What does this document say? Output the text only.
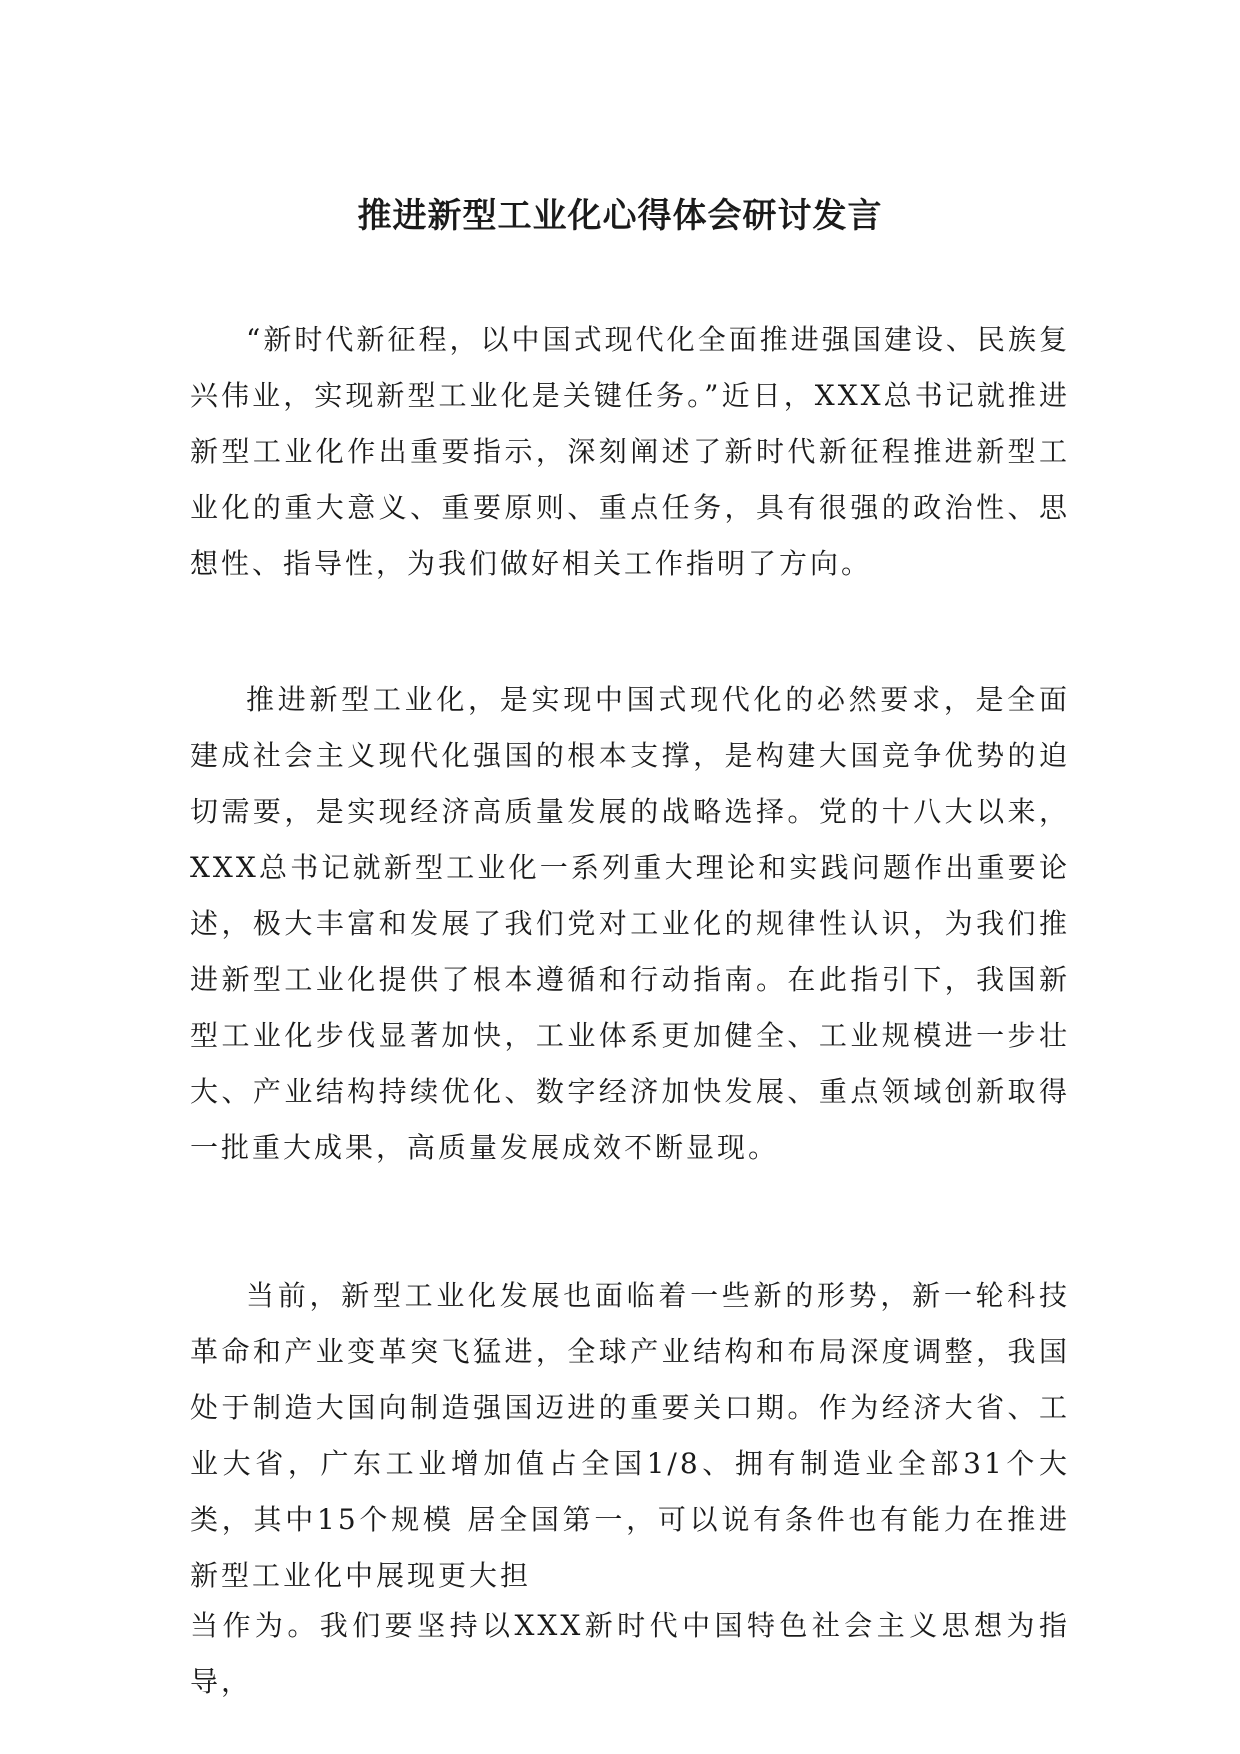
推进新型工业化心得体会研讨发言

“新时代新征程，以中国式现代化全面推进强国建设、民族复兴伟业，实现新型工业化是关键任务。”近日，XXX总书记就推进新型工业化作出重要指示，深刻阐述了新时代新征程推进新型工业化的重大意义、重要原则、重点任务，具有很强的政治性、思想性、指导性，为我们做好相关工作指明了方向。

推进新型工业化，是实现中国式现代化的必然要求，是全面建成社会主义现代化强国的根本支撑，是构建大国竞争优势的迫切需要，是实现经济高质量发展的战略选择。党的十八大以来，XXX总书记就新型工业化一系列重大理论和实践问题作出重要论述，极大丰富和发展了我们党对工业化的规律性认识，为我们推进新型工业化提供了根本遵循和行动指南。在此指引下，我国新型工业化步伐显著加快，工业体系更加健全、工业规模进一步壮大、产业结构持续优化、数字经济加快发展、重点领域创新取得一批重大成果，高质量发展成效不断显现。

当前，新型工业化发展也面临着一些新的形势，新一轮科技革命和产业变革突飞猛进，全球产业结构和布局深度调整，我国处于制造大国向制造强国迈进的重要关口期。作为经济大省、工业大省，广东工业增加值占全国1/8、拥有制造业全部31个大类，其中15个规模 居全国第一，可以说有条件也有能力在推进新型工业化中展现更大担

当作为。我们要坚持以XXX新时代中国特色社会主义思想为指导，
